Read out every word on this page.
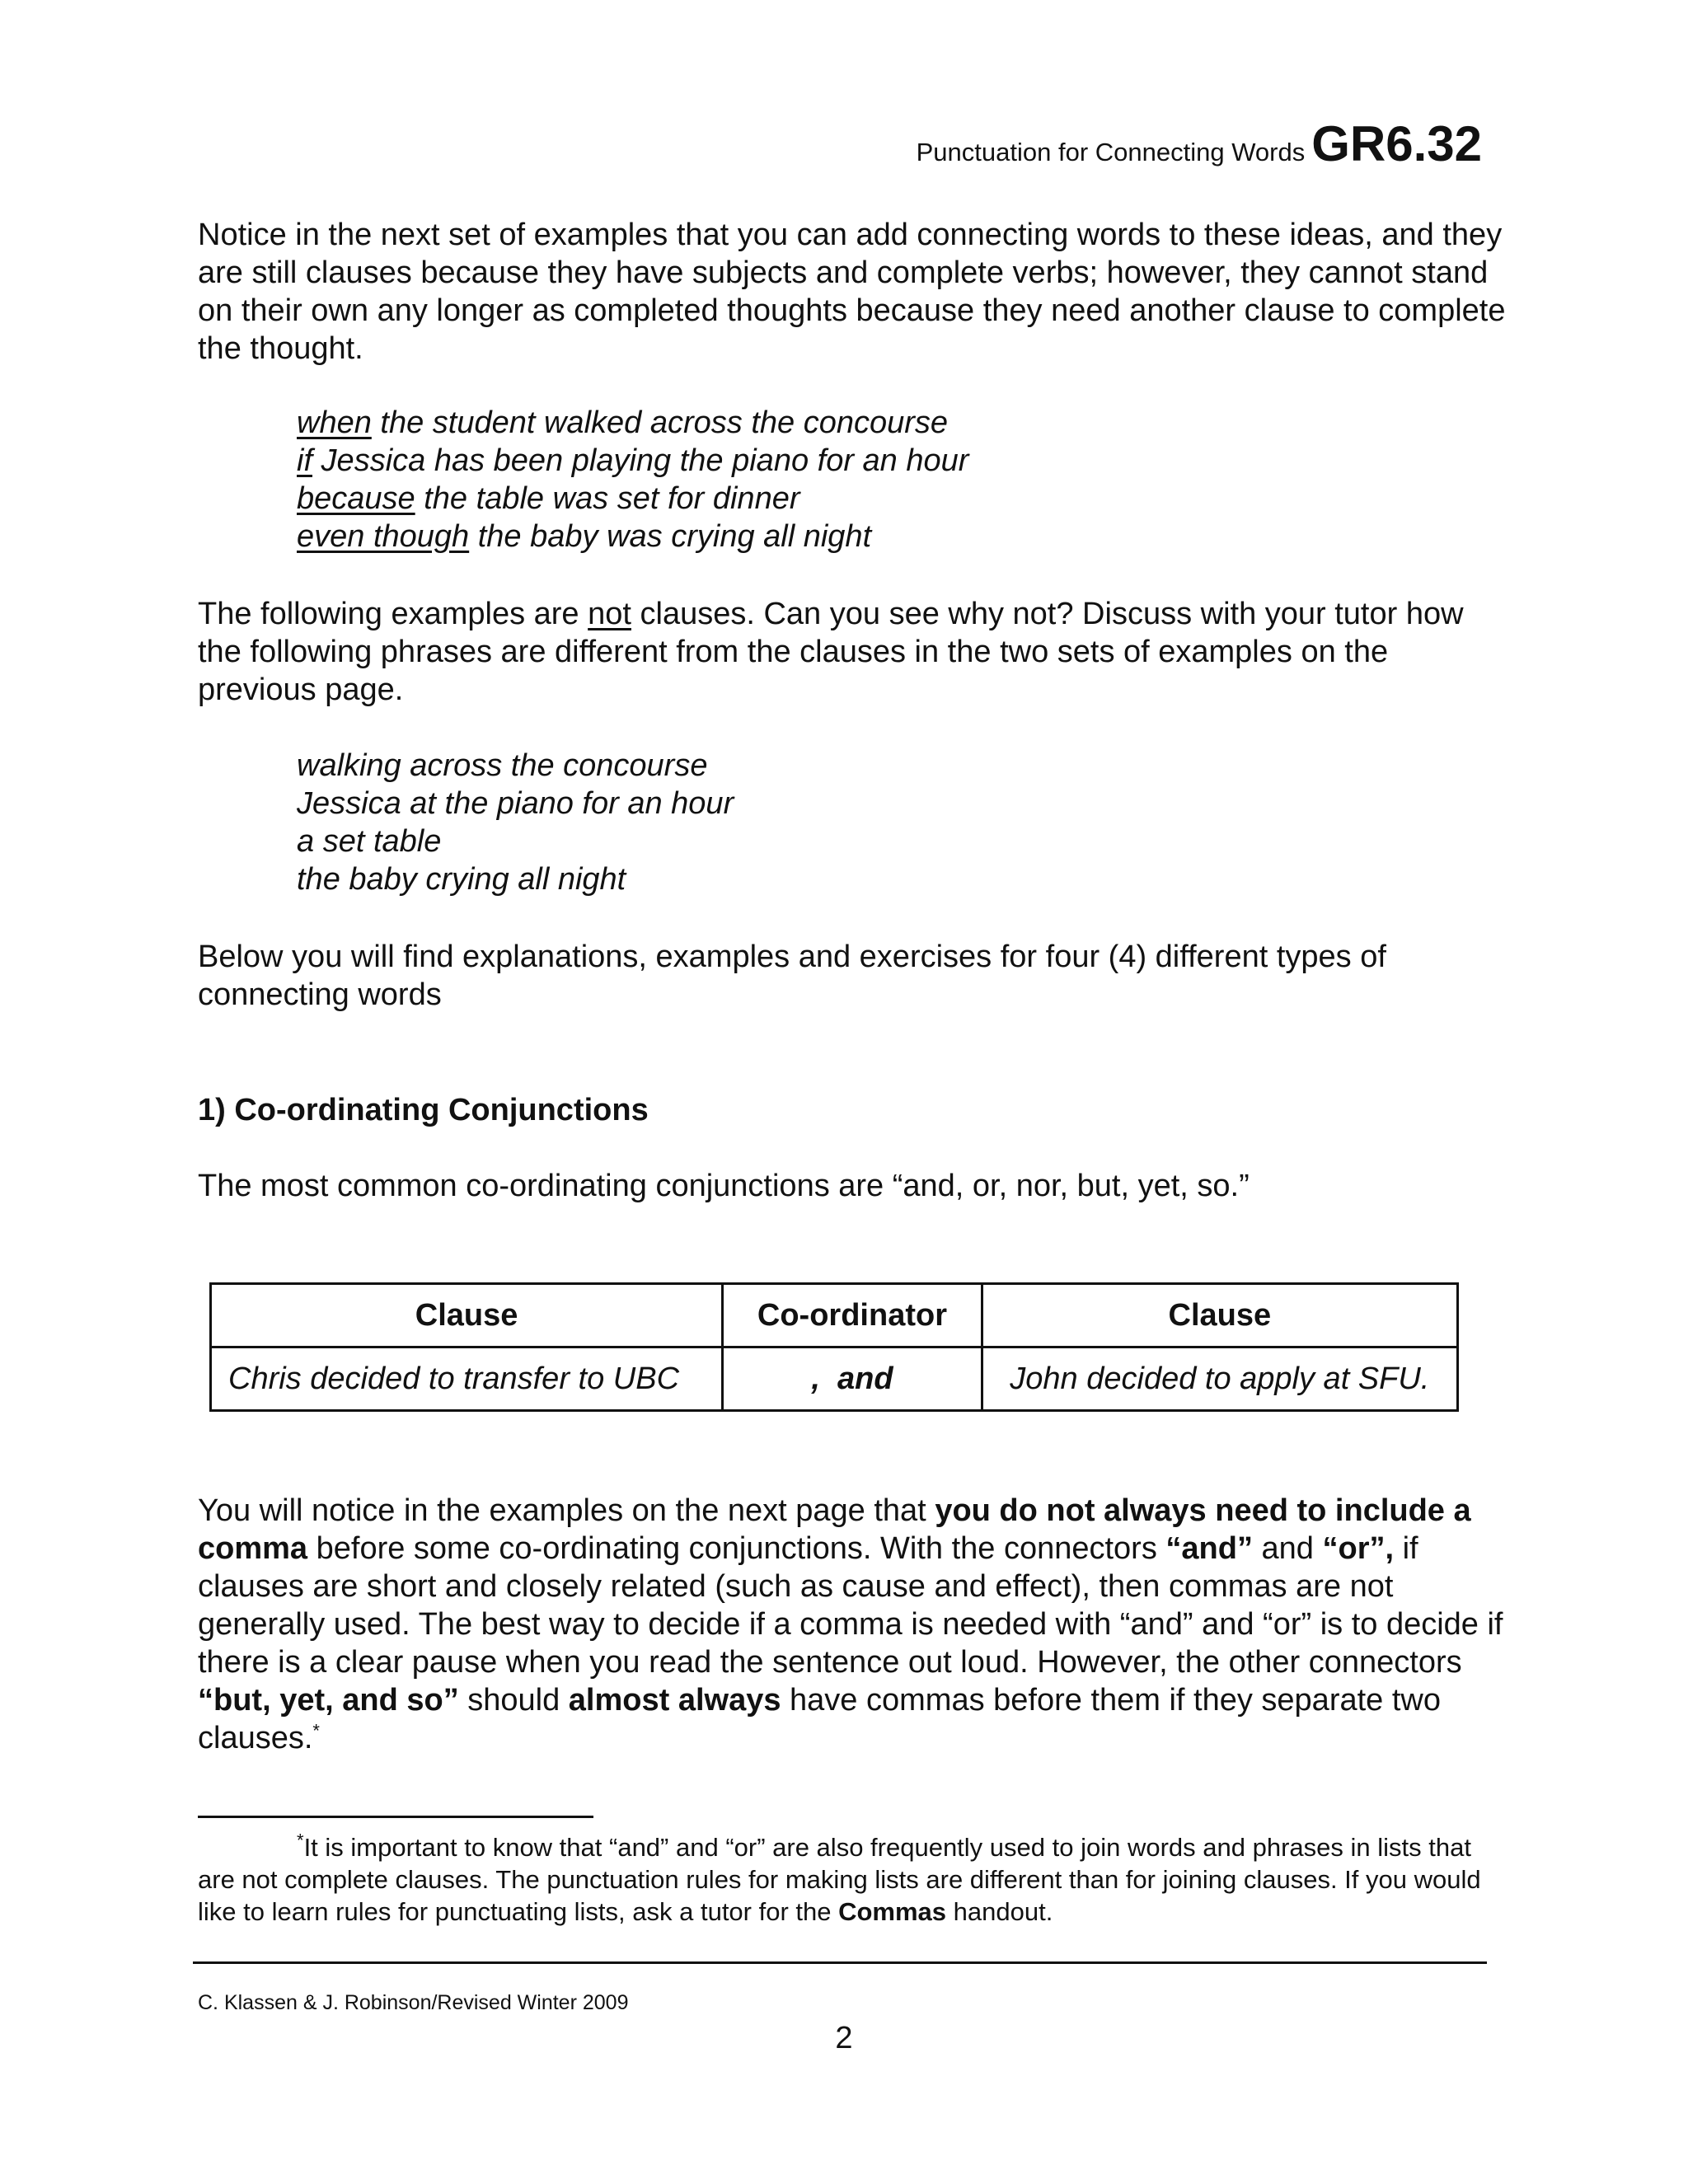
Punctuation for Connecting Words GR6.32

Notice in the next set of examples that you can add connecting words to these ideas, and they are still clauses because they have subjects and complete verbs; however, they cannot stand on their own any longer as completed thoughts because they need another clause to complete the thought.

when the student walked across the concourse
if Jessica has been playing the piano for an hour
because the table was set for dinner
even though the baby was crying all night

The following examples are not clauses. Can you see why not? Discuss with your tutor how the following phrases are different from the clauses in the two sets of examples on the previous page.

walking across the concourse
Jessica at the piano for an hour
a set table
the baby crying all night

Below you will find explanations, examples and exercises for four (4) different types of connecting words

1) Co-ordinating Conjunctions

The most common co-ordinating conjunctions are “and, or, nor, but, yet, so.”

Clause	Co-ordinator	Clause
Chris decided to transfer to UBC	,  and	John decided to apply at SFU.

You will notice in the examples on the next page that you do not always need to include a comma before some co-ordinating conjunctions. With the connectors “and” and “or”, if clauses are short and closely related (such as cause and effect), then commas are not generally used. The best way to decide if a comma is needed with “and” and “or” is to decide if there is a clear pause when you read the sentence out loud. However, the other connectors “but, yet, and so” should almost always have commas before them if they separate two clauses.*

*It is important to know that “and” and “or” are also frequently used to join words and phrases in lists that are not complete clauses. The punctuation rules for making lists are different than for joining clauses. If you would like to learn rules for punctuating lists, ask a tutor for the Commas handout.

C. Klassen & J. Robinson/Revised Winter 2009
2
